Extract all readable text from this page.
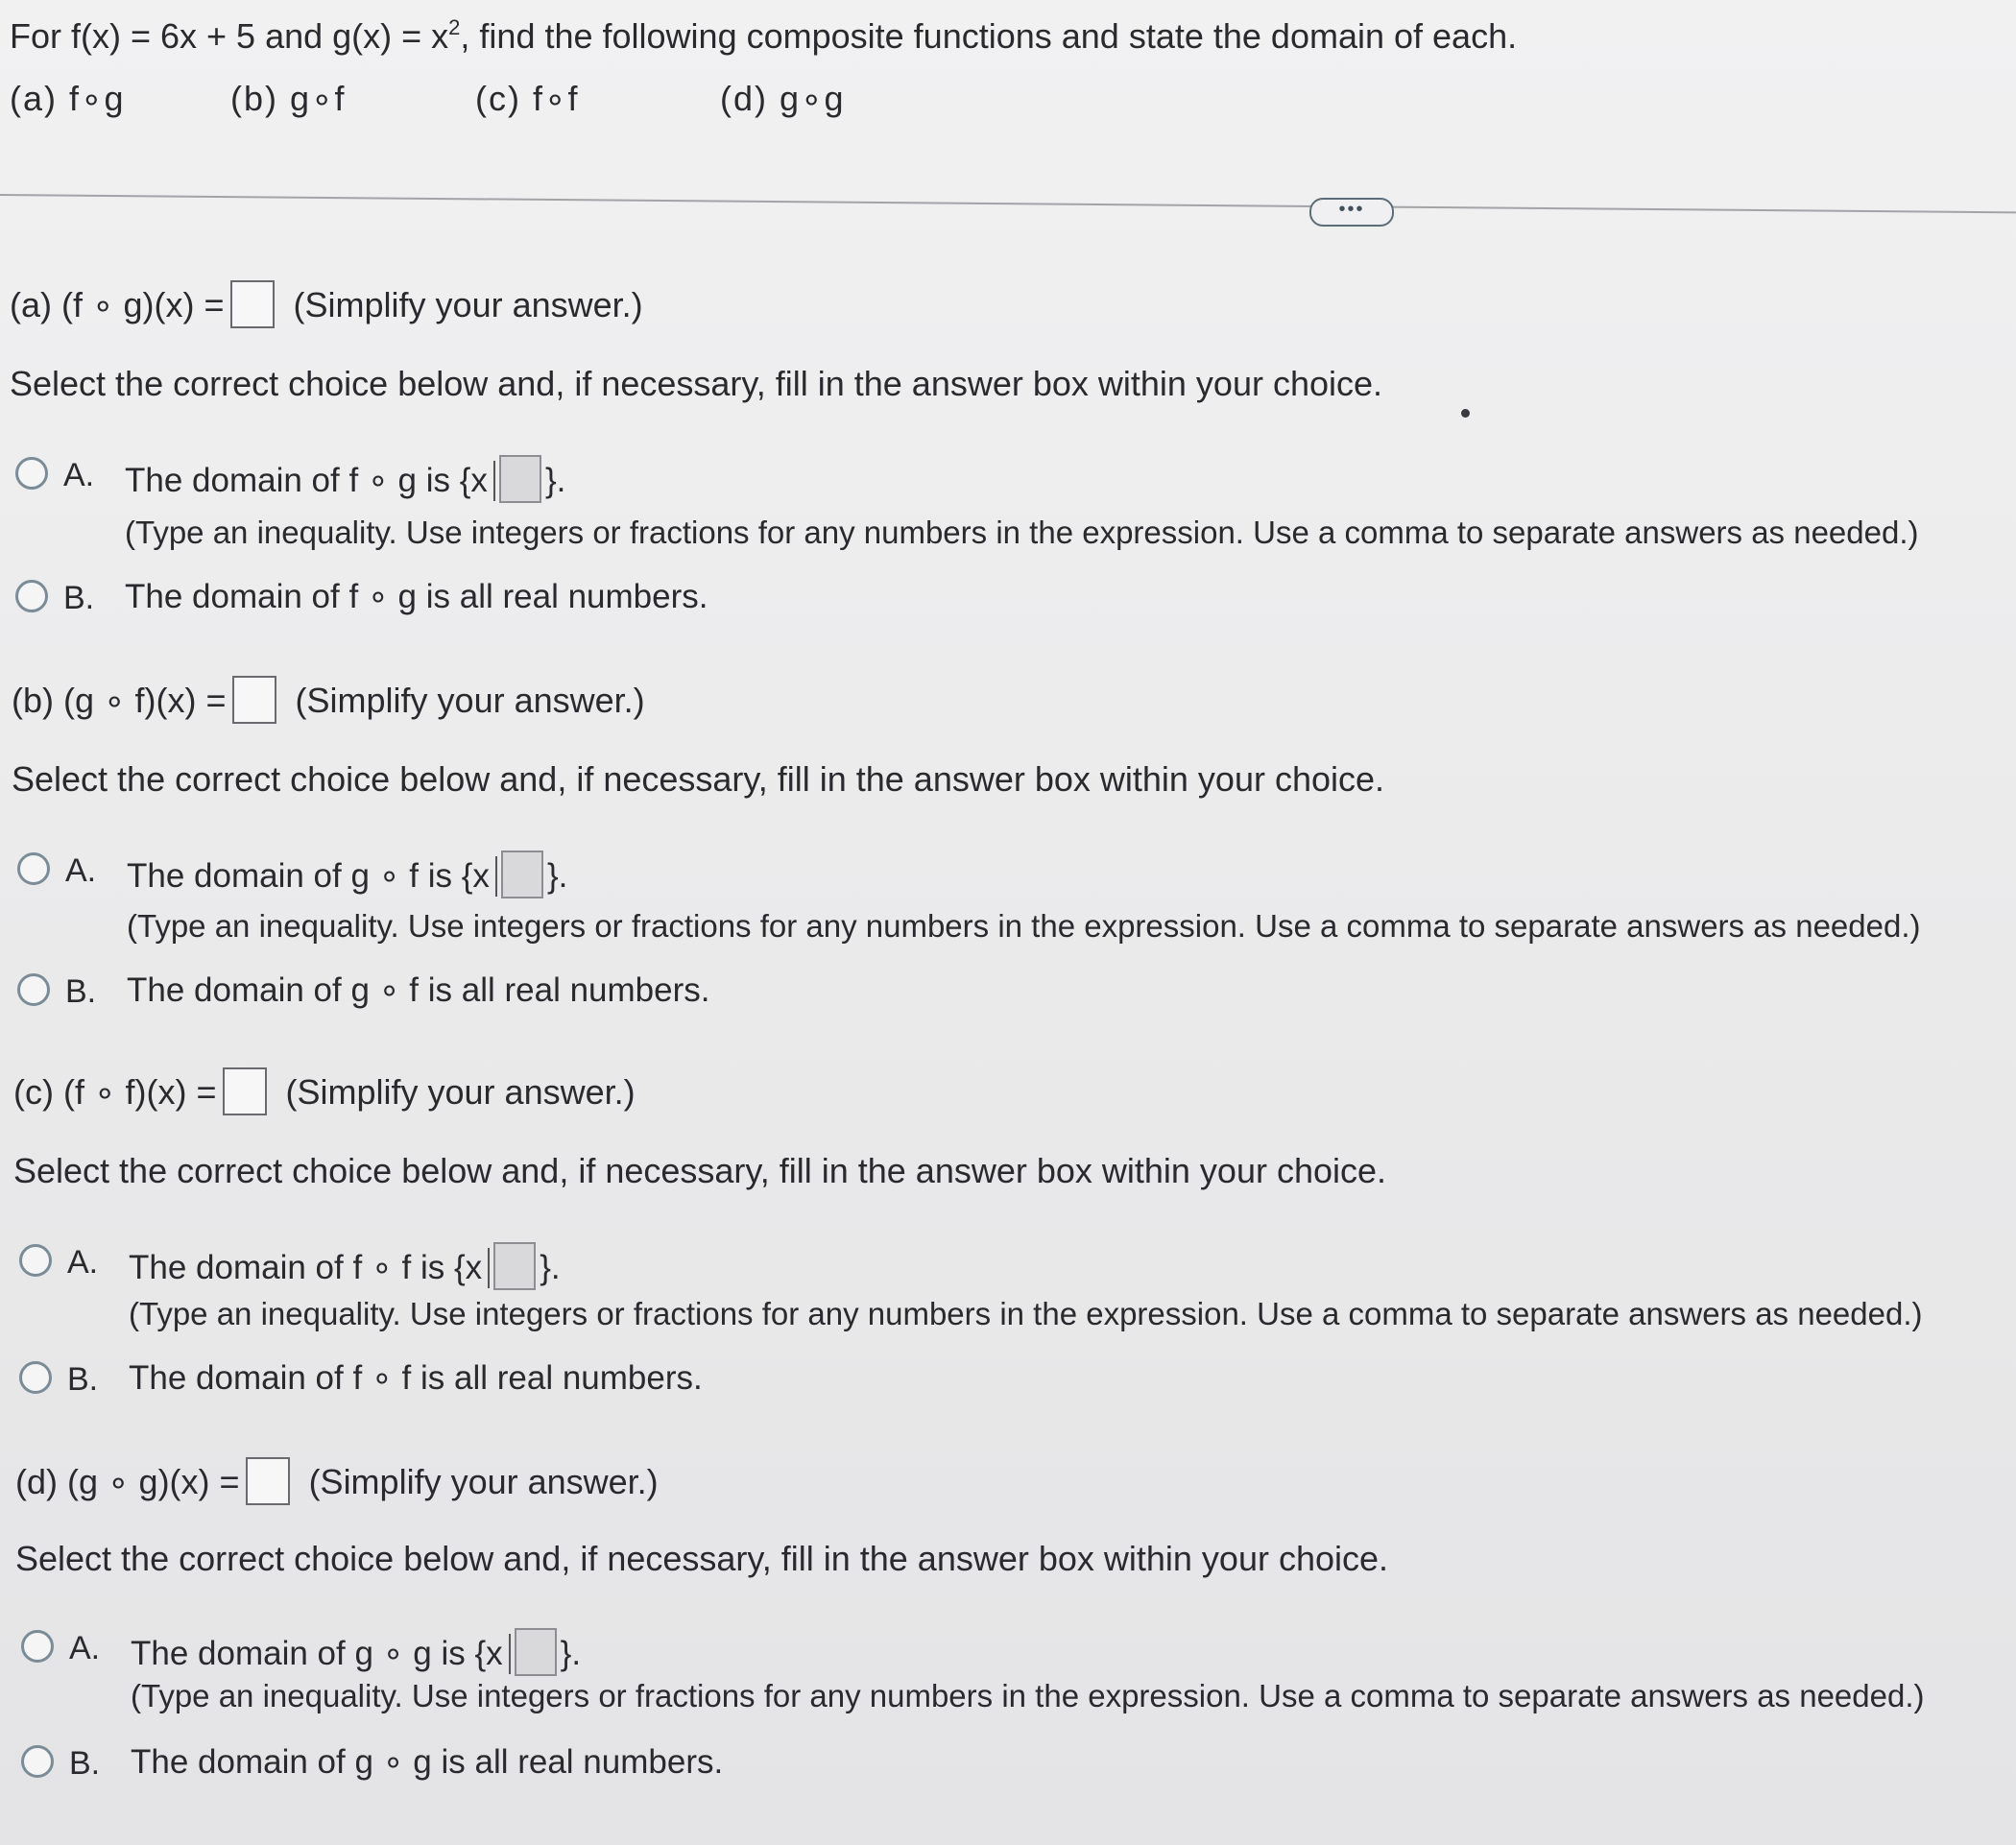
For f(x) = 6x + 5 and $g(x) = x^2$, find the following composite functions and state the domain of each.
(a) f∘g	(b) g∘f	(c) f∘f	(d) g∘g
•••
(a) (f ∘ g)(x) = (Simplify your answer.)
Select the correct choice below and, if necessary, fill in the answer box within your choice.
A. The domain of f ∘ g is {x }.
(Type an inequality. Use integers or fractions for any numbers in the expression. Use a comma to separate answers as needed.)
B. The domain of f ∘ g is all real numbers.
(b) (g ∘ f)(x) = (Simplify your answer.)
Select the correct choice below and, if necessary, fill in the answer box within your choice.
A. The domain of g ∘ f is {x }.
(Type an inequality. Use integers or fractions for any numbers in the expression. Use a comma to separate answers as needed.)
B. The domain of g ∘ f is all real numbers.
(c) (f ∘ f)(x) = (Simplify your answer.)
Select the correct choice below and, if necessary, fill in the answer box within your choice.
A. The domain of f ∘ f is {x }.
(Type an inequality. Use integers or fractions for any numbers in the expression. Use a comma to separate answers as needed.)
B. The domain of f ∘ f is all real numbers.
(d) (g ∘ g)(x) = (Simplify your answer.)
Select the correct choice below and, if necessary, fill in the answer box within your choice.
A. The domain of g ∘ g is {x }.
(Type an inequality. Use integers or fractions for any numbers in the expression. Use a comma to separate answers as needed.)
B. The domain of g ∘ g is all real numbers.
